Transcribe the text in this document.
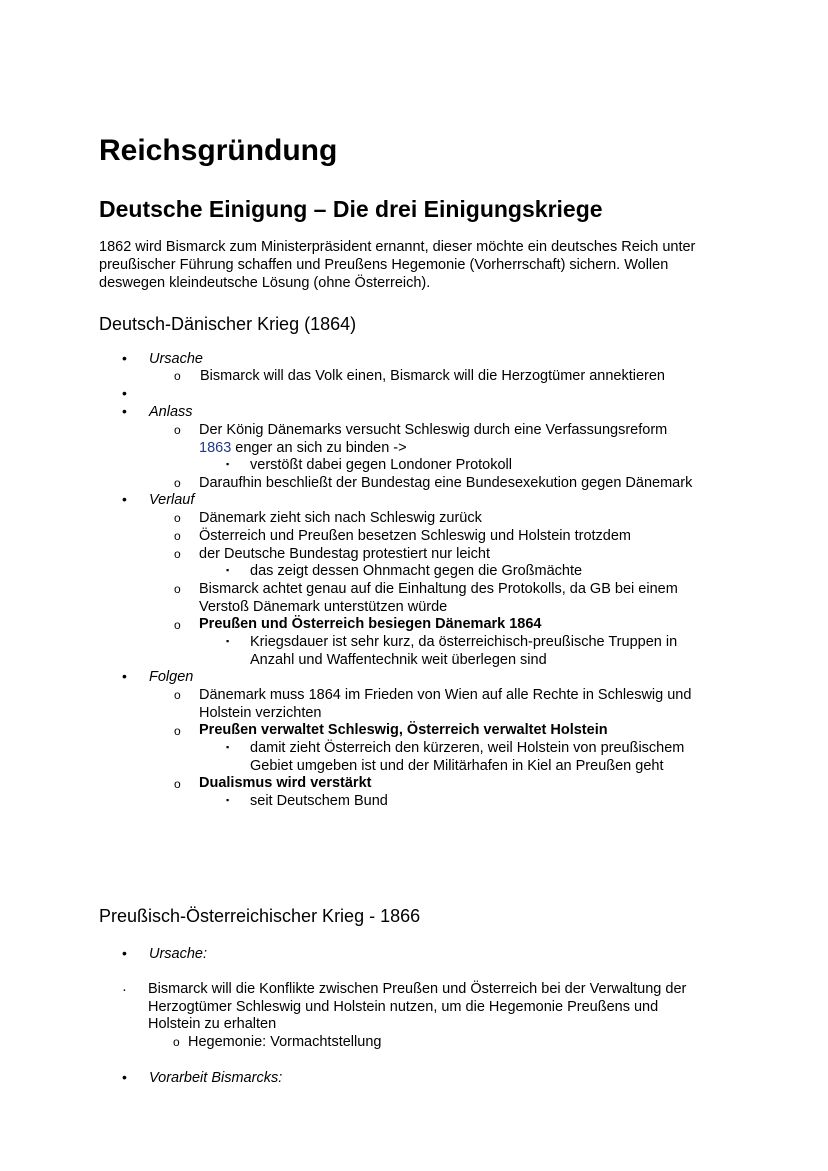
Reichsgründung
Deutsche Einigung – Die drei Einigungskriege
1862 wird Bismarck zum Ministerpräsident ernannt, dieser möchte ein deutsches Reich unter
preußischer Führung schaffen und Preußens Hegemonie (Vorherrschaft) sichern. Wollen
deswegen kleindeutsche Lösung (ohne Österreich).
Deutsch-Dänischer Krieg (1864)
• Ursache
o Bismarck will das Volk einen, Bismarck will die Herzogtümer annektieren
•
• Anlass
o Der König Dänemarks versucht Schleswig durch eine Verfassungsreform
1863 enger an sich zu binden ->
▪ verstößt dabei gegen Londoner Protokoll
o Daraufhin beschließt der Bundestag eine Bundesexekution gegen Dänemark
• Verlauf
o Dänemark zieht sich nach Schleswig zurück
o Österreich und Preußen besetzen Schleswig und Holstein trotzdem
o der Deutsche Bundestag protestiert nur leicht
▪ das zeigt dessen Ohnmacht gegen die Großmächte
o Bismarck achtet genau auf die Einhaltung des Protokolls, da GB bei einem
Verstoß Dänemark unterstützen würde
o Preußen und Österreich besiegen Dänemark 1864
▪ Kriegsdauer ist sehr kurz, da österreichisch-preußische Truppen in
Anzahl und Waffentechnik weit überlegen sind
• Folgen
o Dänemark muss 1864 im Frieden von Wien auf alle Rechte in Schleswig und
Holstein verzichten
o Preußen verwaltet Schleswig, Österreich verwaltet Holstein
▪ damit zieht Österreich den kürzeren, weil Holstein von preußischem
Gebiet umgeben ist und der Militärhafen in Kiel an Preußen geht
o Dualismus wird verstärkt
▪ seit Deutschem Bund
Preußisch-Österreichischer Krieg - 1866
• Ursache:
· Bismarck will die Konflikte zwischen Preußen und Österreich bei der Verwaltung der
Herzogtümer Schleswig und Holstein nutzen, um die Hegemonie Preußens und
Holstein zu erhalten
o Hegemonie: Vormachtstellung
• Vorarbeit Bismarcks:
